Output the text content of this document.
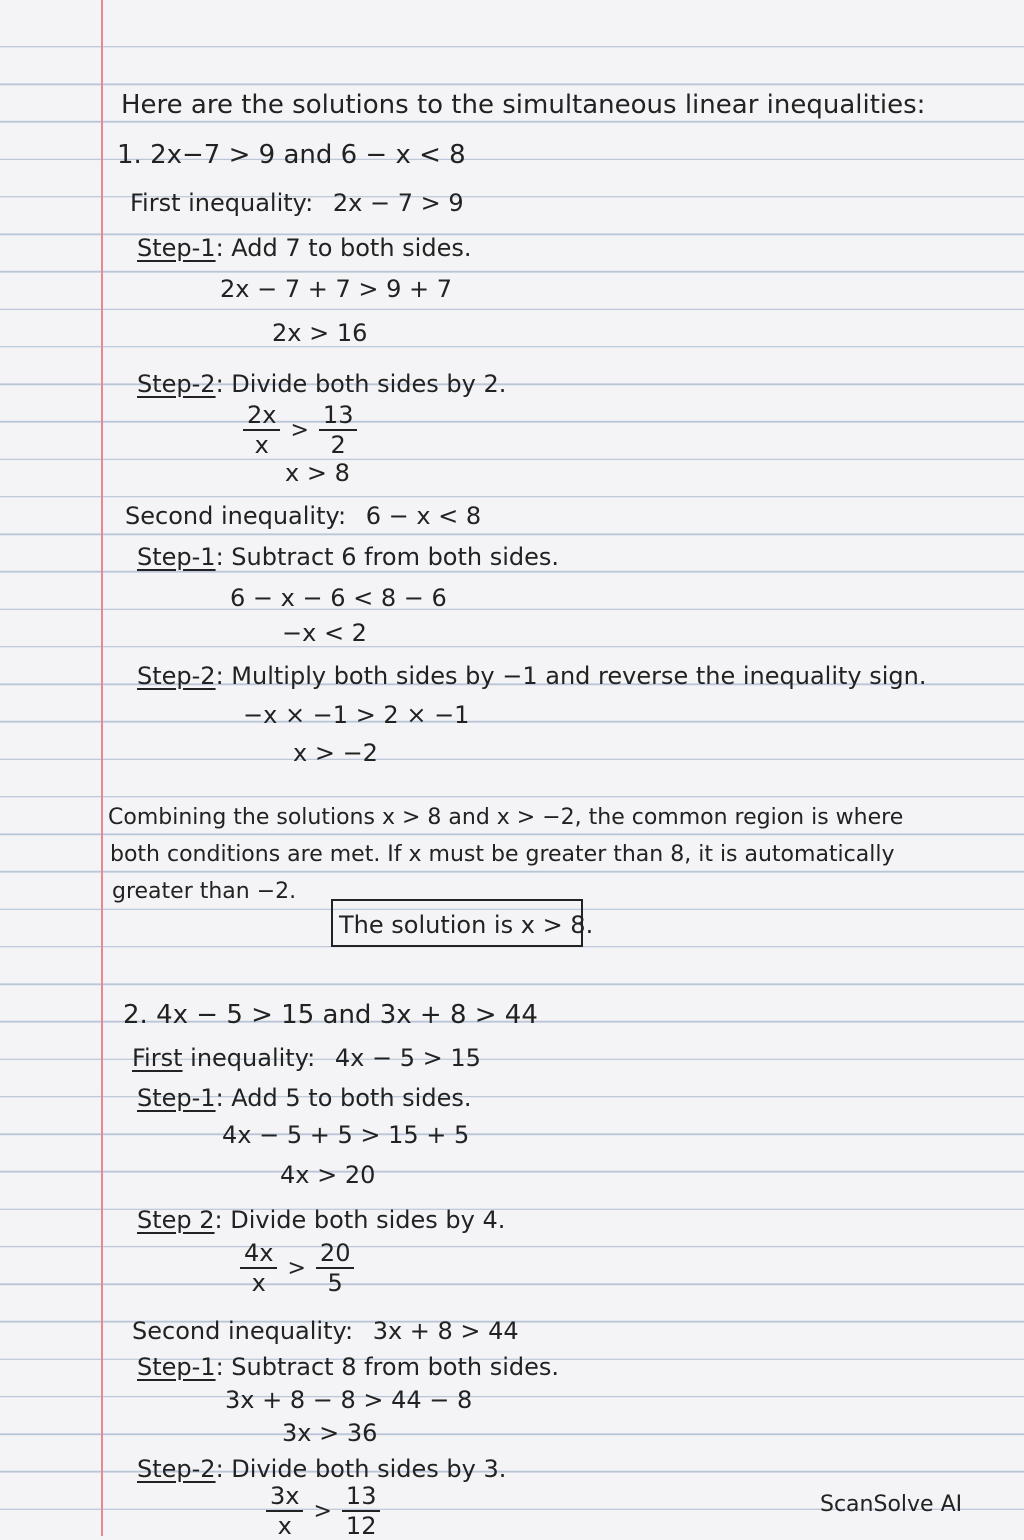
Here are the solutions to the simultaneous linear inequalities:
1. 2x−7 > 9 and 6 − x < 8
First inequality: 2x − 7 > 9
Step-1: Add 7 to both sides.
2x − 7 + 7 > 9 + 7
2x > 16
Step-2: Divide both sides by 2.
$\frac{2x}{x} > \frac{13}{2}$
x > 8
Second inequality: 6 − x < 8
Step-1: Subtract 6 from both sides.
6 − x − 6 < 8 − 6
−x < 2
Step-2: Multiply both sides by −1 and reverse the inequality sign.
−x × −1 > 2 × −1
x > −2
Combining the solutions x > 8 and x > −2, the common region is where
both conditions are met. If x must be greater than 8, it is automatically
greater than −2.
The solution is x > 8.
2. 4x − 5 > 15 and 3x + 8 > 44
First inequality: 4x − 5 > 15
Step-1: Add 5 to both sides.
4x − 5 + 5 > 15 + 5
4x > 20
Step 2: Divide both sides by 4.
$\frac{4x}{x} > \frac{20}{5}$
Second inequality: 3x + 8 > 44
Step-1: Subtract 8 from both sides.
3x + 8 − 8 > 44 − 8
3x > 36
Step-2: Divide both sides by 3.
$\frac{3x}{x} > \frac{13}{12}$	ScanSolve AI
